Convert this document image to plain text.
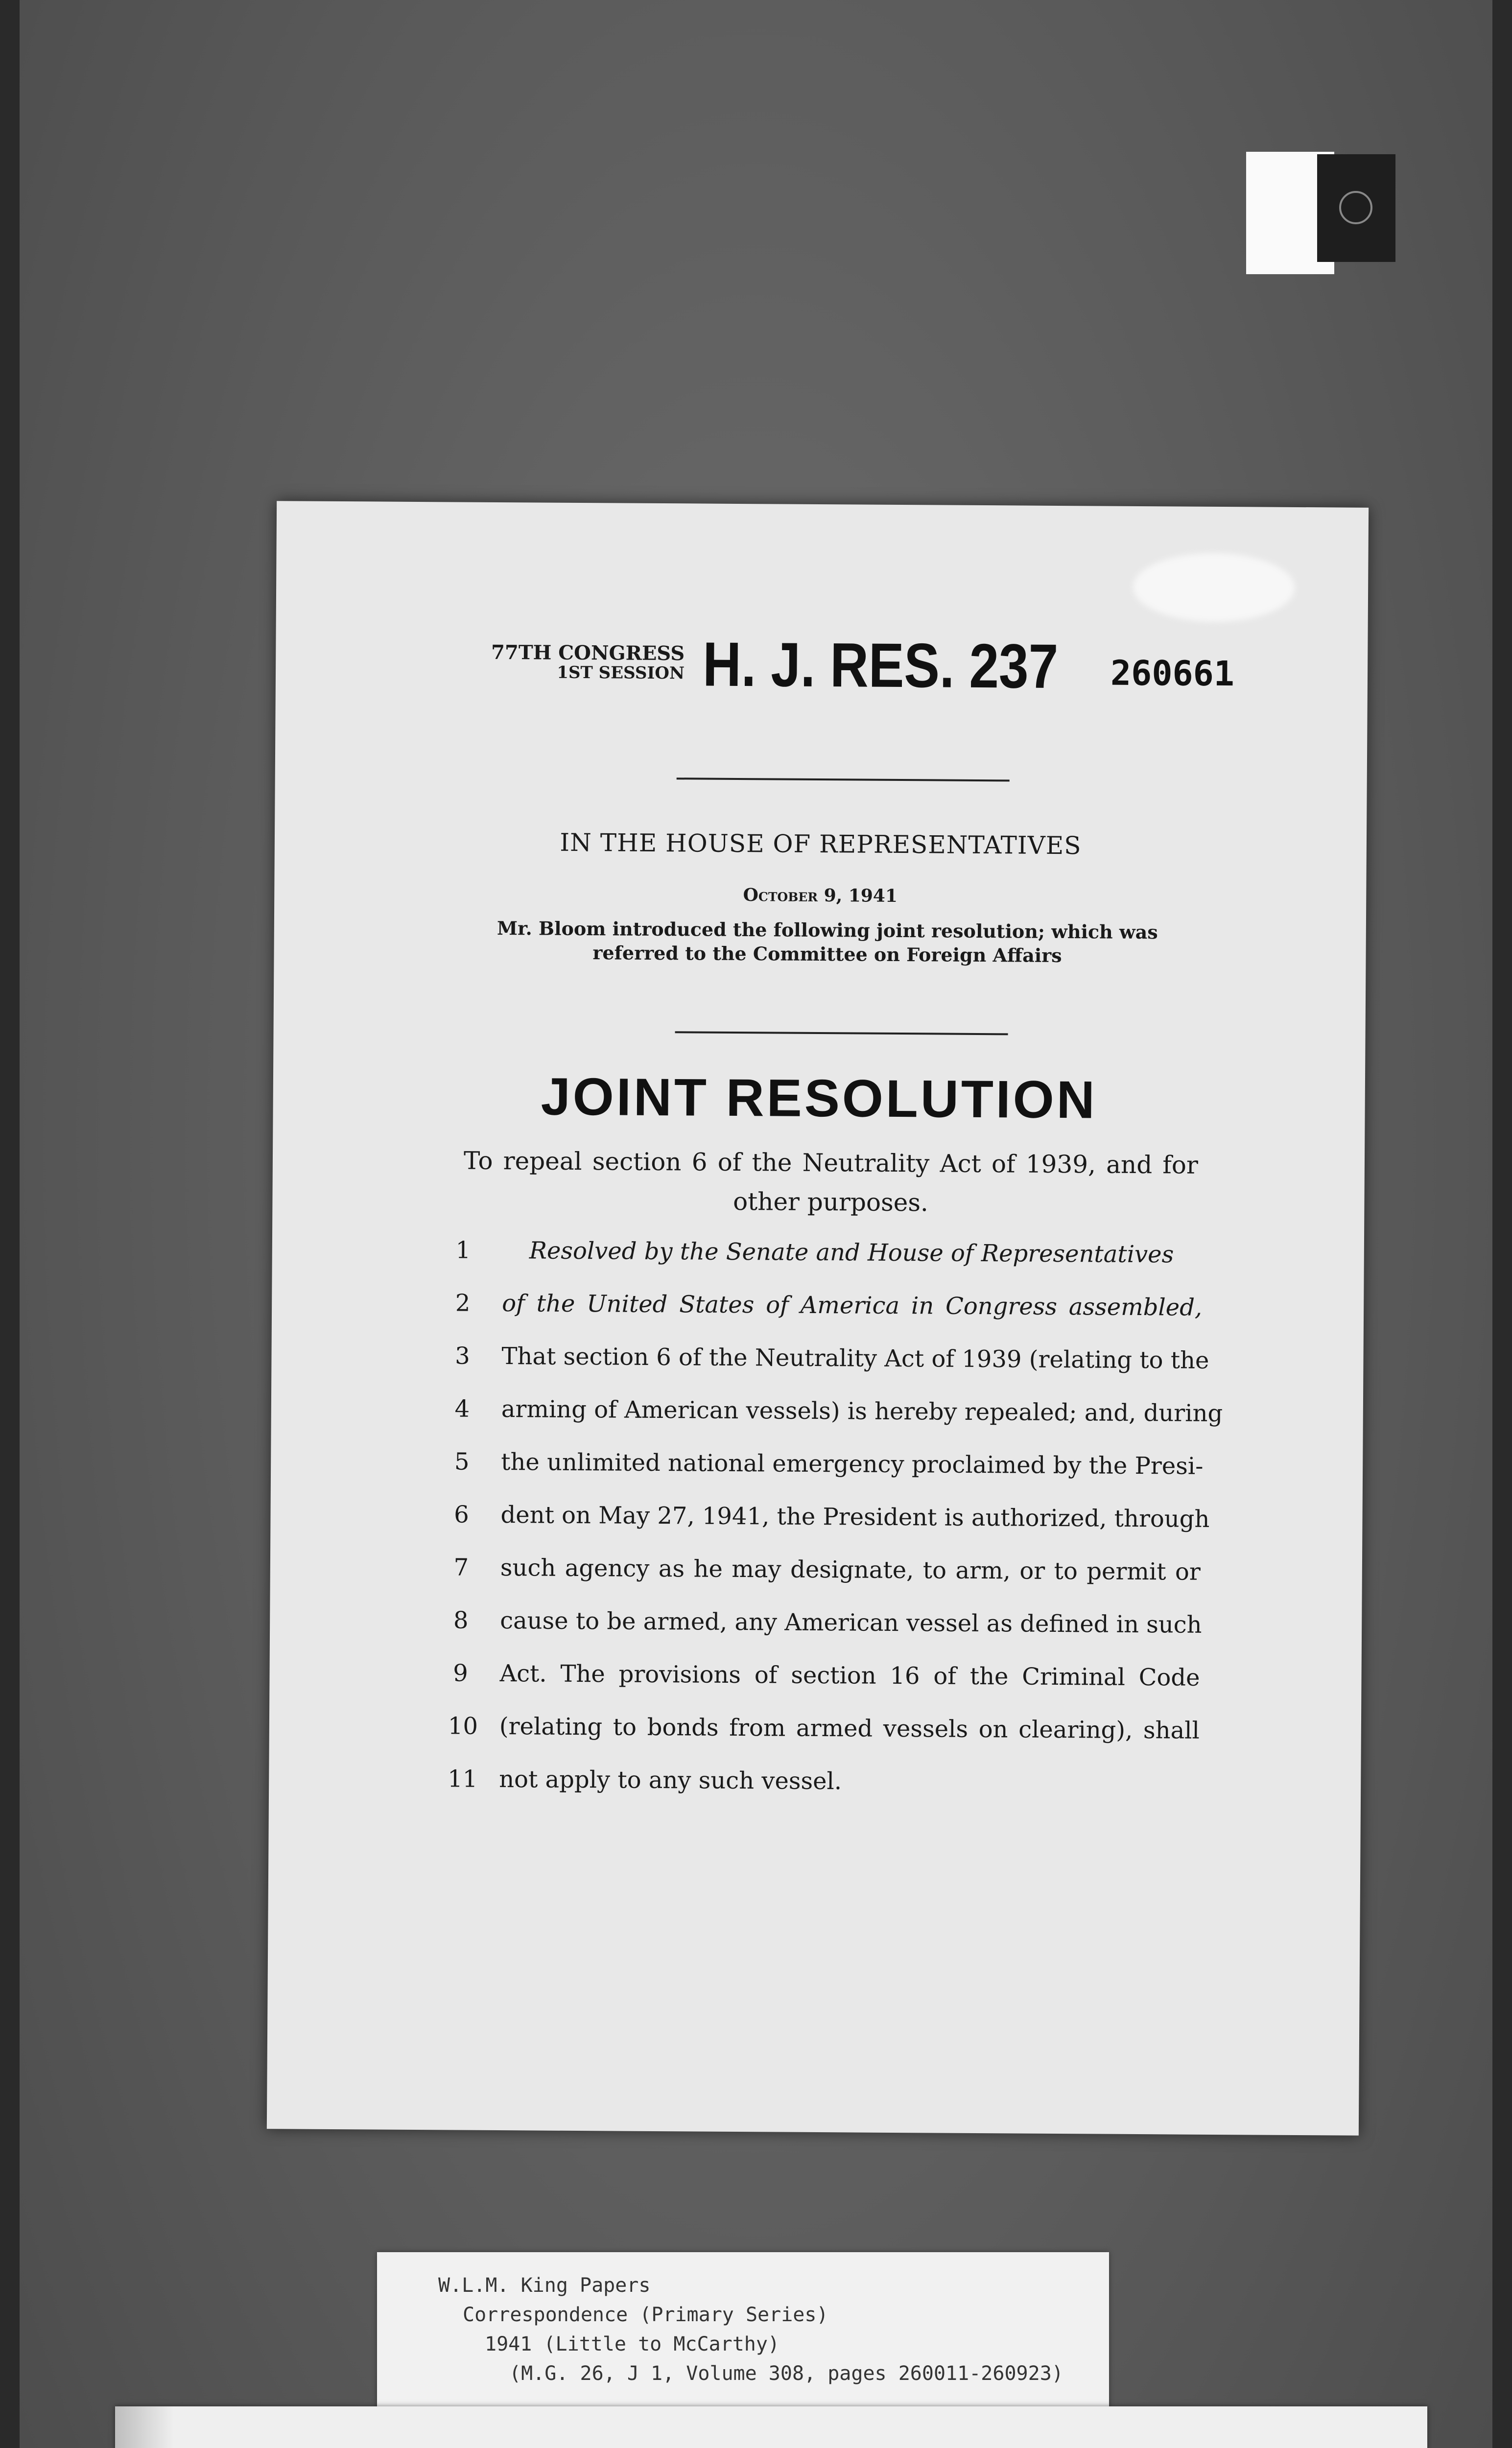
77TH CONGRESS
1ST SESSION H. J. RES. 237	260661
IN THE HOUSE OF REPRESENTATIVES
October 9, 1941
Mr. Bloom introduced the following joint resolution; which was referred to the Committee on Foreign Affairs
JOINT RESOLUTION
To repeal section 6 of the Neutrality Act of 1939, and for other purposes.
1 Resolved by the Senate and House of Representatives
2 of the United States of America in Congress assembled,
3 That section 6 of the Neutrality Act of 1939 (relating to the
4 arming of American vessels) is hereby repealed; and, during
5 the unlimited national emergency proclaimed by the Presi-
6 dent on May 27, 1941, the President is authorized, through
7 such agency as he may designate, to arm, or to permit or
8 cause to be armed, any American vessel as defined in such
9 Act. The provisions of section 16 of the Criminal Code
10 (relating to bonds from armed vessels on clearing), shall
11 not apply to any such vessel.
W.L.M. King Papers
Correspondence (Primary Series)
1941 (Little to McCarthy)
(M.G. 26, J 1, Volume 308, pages 260011-260923)
